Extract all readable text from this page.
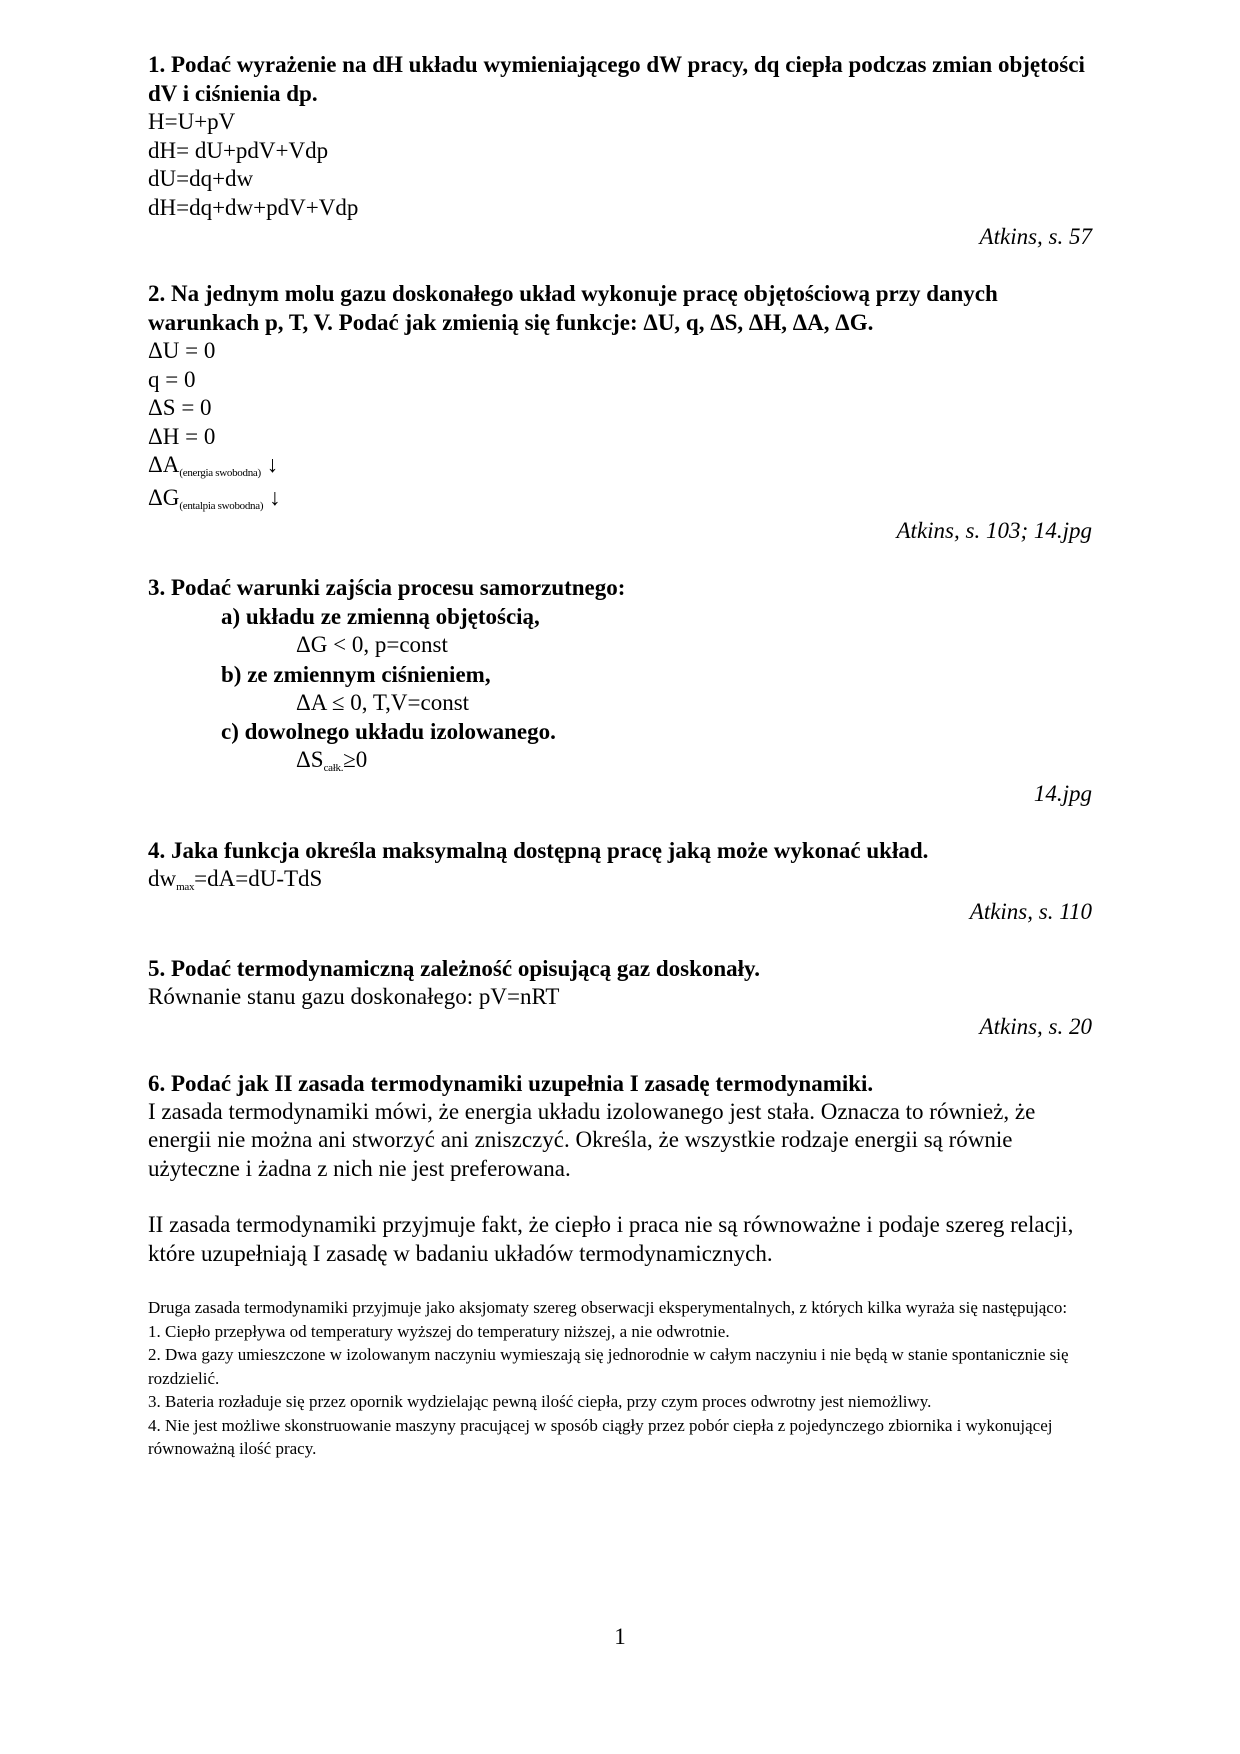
1. Podać wyrażenie na dH układu wymieniającego dW pracy, dq ciepła podczas zmian objętości dV i ciśnienia dp.

H=U+pV

dH= dU+pdV+Vdp

dU=dq+dw

dH=dq+dw+pdV+Vdp

Atkins, s. 57

2. Na jednym molu gazu doskonałego układ wykonuje pracę objętościową przy danych warunkach p, T, V. Podać jak zmienią się funkcje: ΔU, q, ΔS, ΔH, ΔA, ΔG.

ΔU = 0

q = 0

ΔS = 0

ΔH = 0

ΔA(energia swobodna) ↓

ΔG(entalpia swobodna) ↓

Atkins, s. 103; 14.jpg

3. Podać warunki zajścia procesu samorzutnego:

a) układu ze zmienną objętością,

ΔG < 0, p=const

b) ze zmiennym ciśnieniem,

ΔA ≤ 0, T,V=const

c) dowolnego układu izolowanego.

ΔScałk.≥0

14.jpg

4. Jaka funkcja określa maksymalną dostępną pracę jaką może wykonać układ.

dwmax=dA=dU-TdS

Atkins, s. 110

5. Podać termodynamiczną zależność opisującą gaz doskonały.

Równanie stanu gazu doskonałego: pV=nRT

Atkins, s. 20

6. Podać jak II zasada termodynamiki uzupełnia I zasadę termodynamiki.

I zasada termodynamiki mówi, że energia układu izolowanego jest stała. Oznacza to również, że energii nie można ani stworzyć ani zniszczyć. Określa, że wszystkie rodzaje energii są równie użyteczne i żadna z nich nie jest preferowana.

II zasada termodynamiki przyjmuje fakt, że ciepło i praca nie są równoważne i podaje szereg relacji, które uzupełniają I zasadę w badaniu układów termodynamicznych.

Druga zasada termodynamiki przyjmuje jako aksjomaty szereg obserwacji eksperymentalnych, z których kilka wyraża się następująco:

1. Ciepło przepływa od temperatury wyższej do temperatury niższej, a nie odwrotnie.

2. Dwa gazy umieszczone w izolowanym naczyniu wymieszają się jednorodnie w całym naczyniu i nie będą w stanie spontanicznie się rozdzielić.

3. Bateria rozładuje się przez opornik wydzielając pewną ilość ciepła, przy czym proces odwrotny jest niemożliwy.

4. Nie jest możliwe skonstruowanie maszyny pracującej w sposób ciągły przez pobór ciepła z pojedynczego zbiornika i wykonującej równoważną ilość pracy.

1
